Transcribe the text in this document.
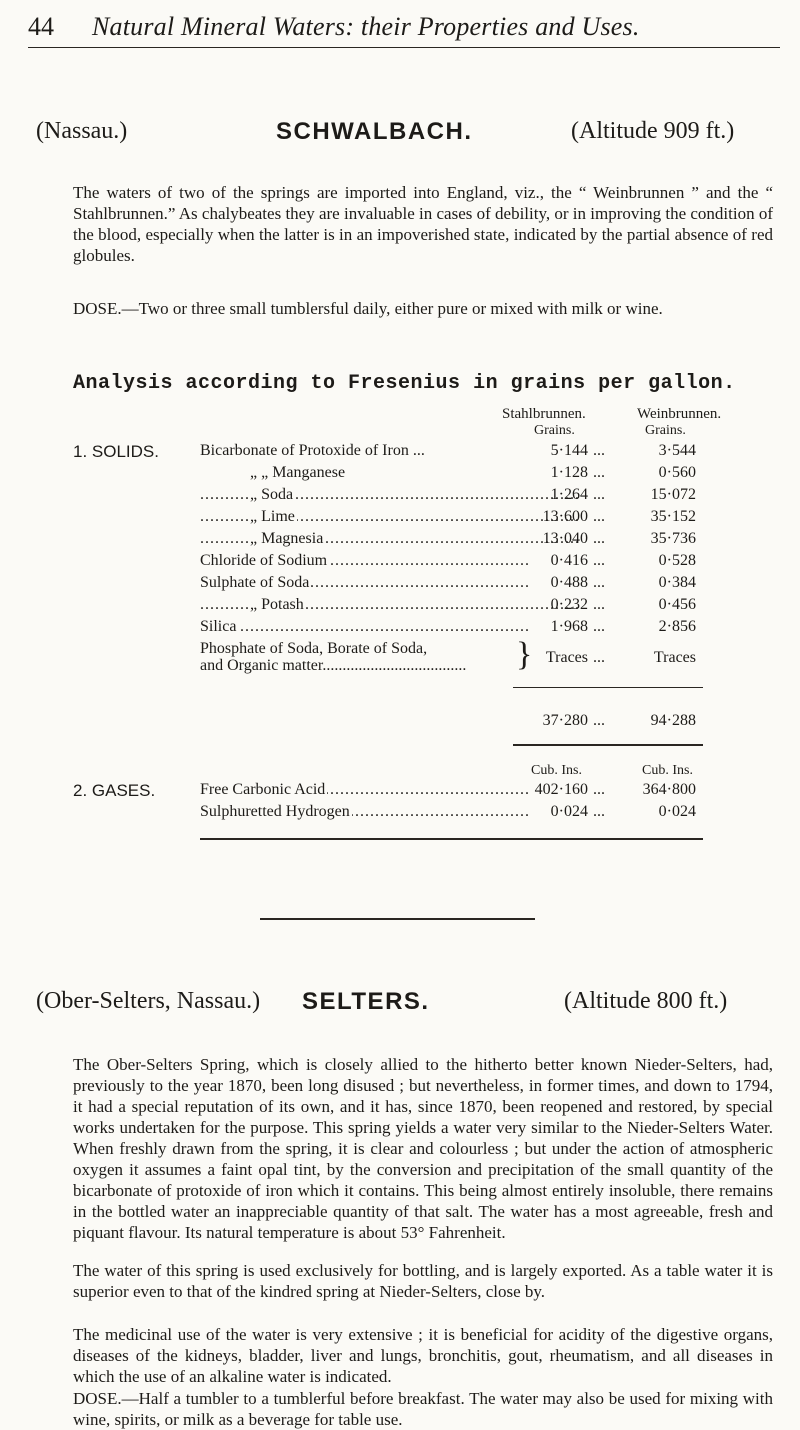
44 Natural Mineral Waters: their Properties and Uses.
(Nassau.)	SCHWALBACH.	(Altitude 909 ft.)

The waters of two of the springs are imported into England, viz., the “ Weinbrunnen ” and the “ Stahlbrunnen.” As chalybeates they are invaluable in cases of debility, or in improving the condition of the blood, especially when the latter is in an impoverished state, indicated by the partial absence of red globules.

DOSE.—Two or three small tumblersful daily, either pure or mixed with milk or wine.

Analysis according to Fresenius in grains per gallon.
Stahlbrunnen.	Weinbrunnen.
Grains.	Grains.
1. SOLIDS.	Bicarbonate of Protoxide of Iron ...	5·144 ...	3·544
„ „ Manganese	1·128 ...	0·560
„ Soda .....	1·264 ...	15·072
„ Lime .....	13·600 ...	35·152
„ Magnesia .....	13·040 ...	35·736
Chloride of Sodium .....	0·416 ...	0·528
Sulphate of Soda .....	0·488 ...	0·384
„ Potash .....	0·232 ...	0·456
Silica .....	1·968 ...	2·856
Phosphate of Soda, Borate of Soda,
and Organic matter....................................	} Traces ...	Traces
37·280 ...	94·288
Cub. Ins.	Cub. Ins.
2. GASES.	Free Carbonic Acid .....	402·160 ...	364·800
Sulphuretted Hydrogen .....	0·024 ...	0·024
(Ober-Selters, Nassau.) SELTERS.	(Altitude 800 ft.)

The Ober-Selters Spring, which is closely allied to the hitherto better known Nieder-Selters, had, previously to the year 1870, been long disused ; but nevertheless, in former times, and down to 1794, it had a special reputation of its own, and it has, since 1870, been reopened and restored, by special works undertaken for the purpose. This spring yields a water very similar to the Nieder-Selters Water. When freshly drawn from the spring, it is clear and colourless ; but under the action of atmospheric oxygen it assumes a faint opal tint, by the conversion and precipitation of the small quantity of the bicarbonate of protoxide of iron which it contains. This being almost entirely insoluble, there remains in the bottled water an inappreciable quantity of that salt. The water has a most agreeable, fresh and piquant flavour. Its natural temperature is about 53° Fahrenheit.

The water of this spring is used exclusively for bottling, and is largely exported. As a table water it is superior even to that of the kindred spring at Nieder-Selters, close by.

The medicinal use of the water is very extensive ; it is beneficial for acidity of the digestive organs, diseases of the kidneys, bladder, liver and lungs, bronchitis, gout, rheumatism, and all diseases in which the use of an alkaline water is indicated.

DOSE.—Half a tumbler to a tumblerful before breakfast. The water may also be used for mixing with wine, spirits, or milk as a beverage for table use.
